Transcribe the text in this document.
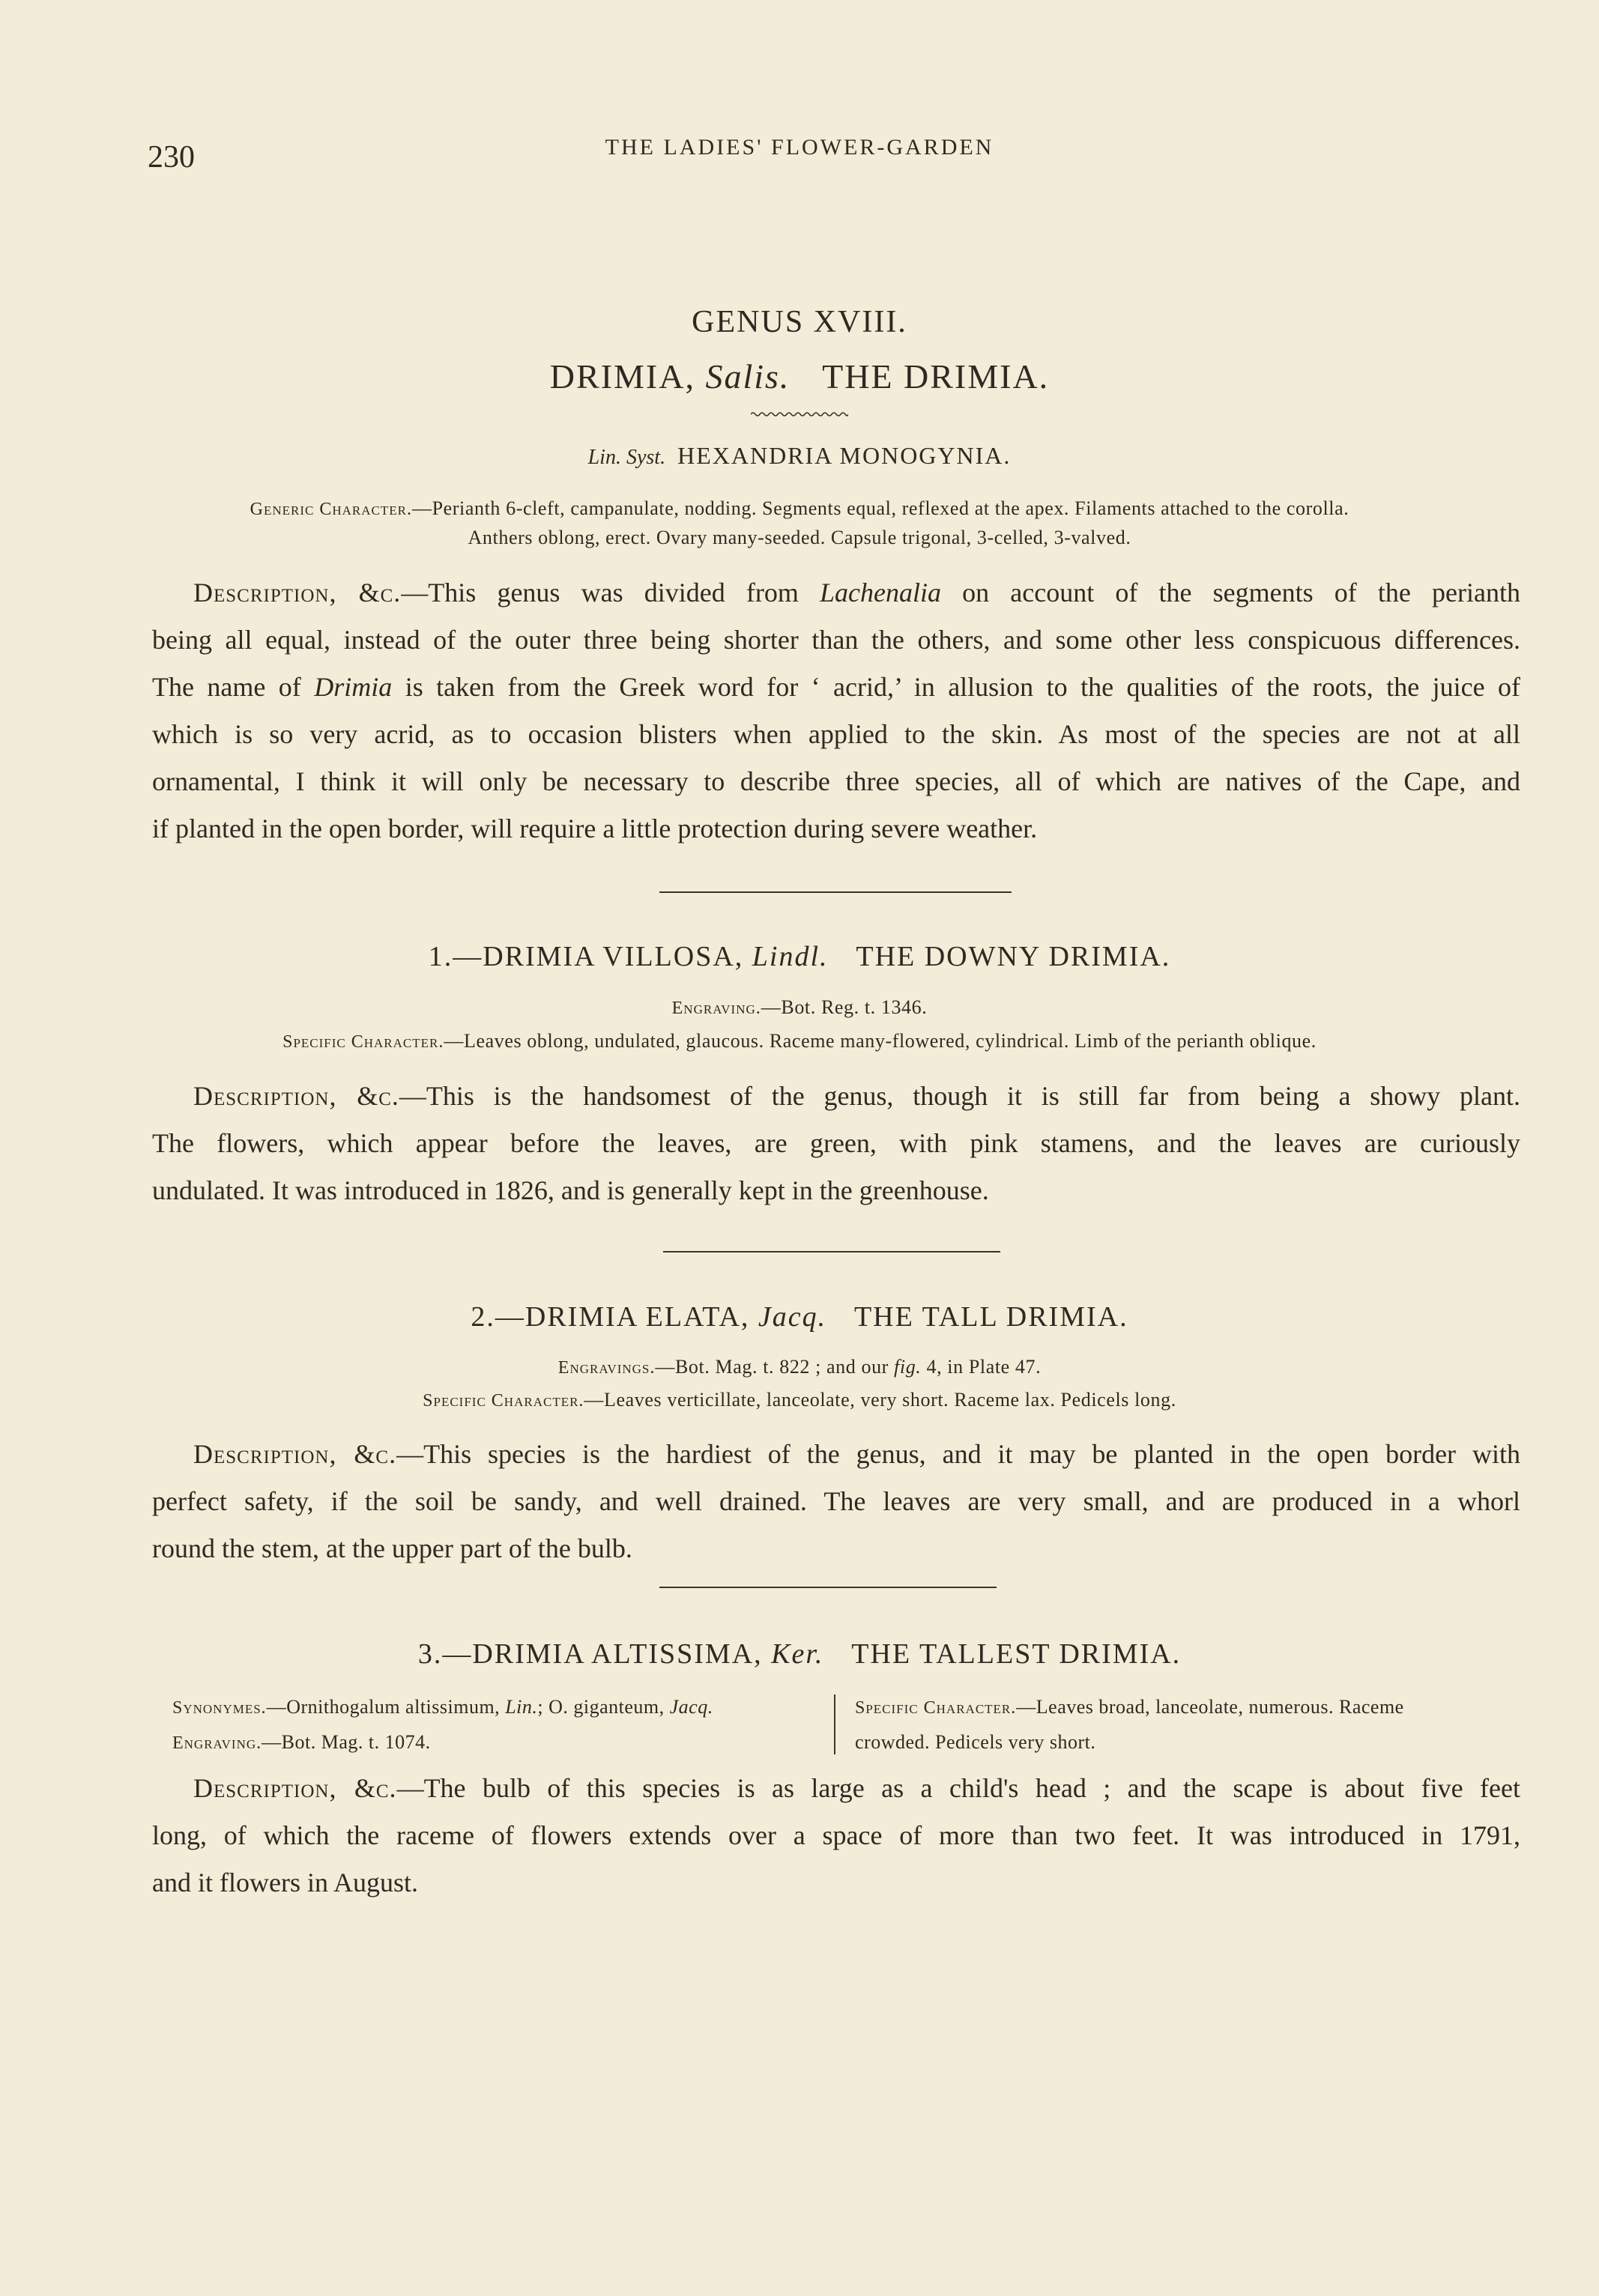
230	THE LADIES' FLOWER-GARDEN
GENUS XVIII.
DRIMIA, Salis. THE DRIMIA.
Lin. Syst. HEXANDRIA MONOGYNIA.
Generic Character.—Perianth 6-cleft, campanulate, nodding. Segments equal, reflexed at the apex. Filaments attached to the corolla.
Anthers oblong, erect. Ovary many-seeded. Capsule trigonal, 3-celled, 3-valved.
Description, &c.—This genus was divided from Lachenalia on account of the segments of the perianth
being all equal, instead of the outer three being shorter than the others, and some other less conspicuous differences.
The name of Drimia is taken from the Greek word for ‘ acrid,’ in allusion to the qualities of the roots, the juice of
which is so very acrid, as to occasion blisters when applied to the skin. As most of the species are not at all
ornamental, I think it will only be necessary to describe three species, all of which are natives of the Cape, and
if planted in the open border, will require a little protection during severe weather.
1.—DRIMIA VILLOSA, Lindl. THE DOWNY DRIMIA.
Engraving.—Bot. Reg. t. 1346.
Specific Character.—Leaves oblong, undulated, glaucous. Raceme many-flowered, cylindrical. Limb of the perianth oblique.
Description, &c.—This is the handsomest of the genus, though it is still far from being a showy plant.
The flowers, which appear before the leaves, are green, with pink stamens, and the leaves are curiously
undulated. It was introduced in 1826, and is generally kept in the greenhouse.
2.—DRIMIA ELATA, Jacq. THE TALL DRIMIA.
Engravings.—Bot. Mag. t. 822 ; and our fig. 4, in Plate 47.
Specific Character.—Leaves verticillate, lanceolate, very short. Raceme lax. Pedicels long.
Description, &c.—This species is the hardiest of the genus, and it may be planted in the open border with
perfect safety, if the soil be sandy, and well drained. The leaves are very small, and are produced in a whorl
round the stem, at the upper part of the bulb.
3.—DRIMIA ALTISSIMA, Ker. THE TALLEST DRIMIA.
Synonymes.—Ornithogalum altissimum, Lin.; O. giganteum, Jacq.
Engraving.—Bot. Mag. t. 1074.
Specific Character.—Leaves broad, lanceolate, numerous. Raceme
crowded. Pedicels very short.
Description, &c.—The bulb of this species is as large as a child's head ; and the scape is about five feet
long, of which the raceme of flowers extends over a space of more than two feet. It was introduced in 1791,
and it flowers in August.
